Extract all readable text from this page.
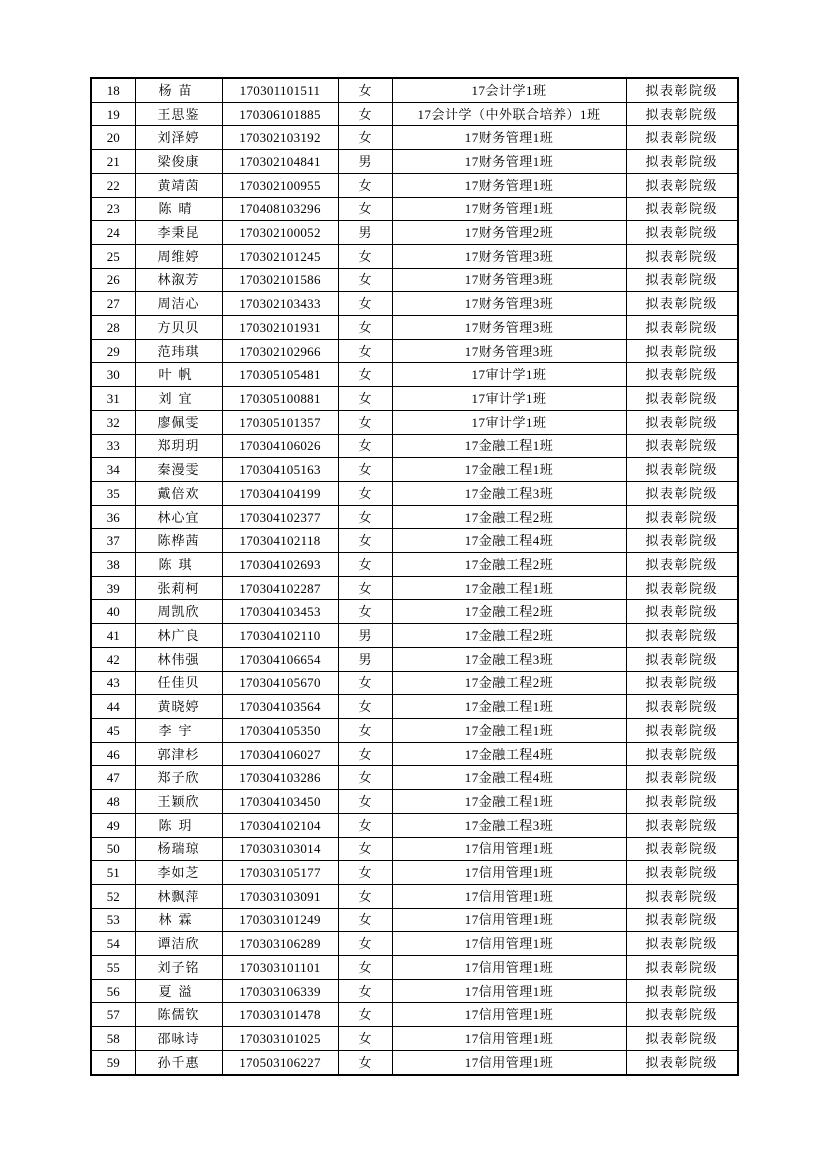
18	杨苗	170301101511	女	17会计学1班	拟表彰院级
19	王思鉴	170306101885	女	17会计学（中外联合培养）1班	拟表彰院级
20	刘泽婷	170302103192	女	17财务管理1班	拟表彰院级
21	梁俊康	170302104841	男	17财务管理1班	拟表彰院级
22	黄靖茵	170302100955	女	17财务管理1班	拟表彰院级
23	陈晴	170408103296	女	17财务管理1班	拟表彰院级
24	李秉昆	170302100052	男	17财务管理2班	拟表彰院级
25	周维婷	170302101245	女	17财务管理3班	拟表彰院级
26	林溆芳	170302101586	女	17财务管理3班	拟表彰院级
27	周洁心	170302103433	女	17财务管理3班	拟表彰院级
28	方贝贝	170302101931	女	17财务管理3班	拟表彰院级
29	范玮琪	170302102966	女	17财务管理3班	拟表彰院级
30	叶帆	170305105481	女	17审计学1班	拟表彰院级
31	刘宜	170305100881	女	17审计学1班	拟表彰院级
32	廖佩雯	170305101357	女	17审计学1班	拟表彰院级
33	郑玥玥	170304106026	女	17金融工程1班	拟表彰院级
34	秦漫雯	170304105163	女	17金融工程1班	拟表彰院级
35	戴倍欢	170304104199	女	17金融工程3班	拟表彰院级
36	林心宜	170304102377	女	17金融工程2班	拟表彰院级
37	陈桦茜	170304102118	女	17金融工程4班	拟表彰院级
38	陈琪	170304102693	女	17金融工程2班	拟表彰院级
39	张莉柯	170304102287	女	17金融工程1班	拟表彰院级
40	周凯欣	170304103453	女	17金融工程2班	拟表彰院级
41	林广良	170304102110	男	17金融工程2班	拟表彰院级
42	林伟强	170304106654	男	17金融工程3班	拟表彰院级
43	任佳贝	170304105670	女	17金融工程2班	拟表彰院级
44	黄晓婷	170304103564	女	17金融工程1班	拟表彰院级
45	李宇	170304105350	女	17金融工程1班	拟表彰院级
46	郭津杉	170304106027	女	17金融工程4班	拟表彰院级
47	郑子欣	170304103286	女	17金融工程4班	拟表彰院级
48	王颖欣	170304103450	女	17金融工程1班	拟表彰院级
49	陈玥	170304102104	女	17金融工程3班	拟表彰院级
50	杨瑞琼	170303103014	女	17信用管理1班	拟表彰院级
51	李如芝	170303105177	女	17信用管理1班	拟表彰院级
52	林飘萍	170303103091	女	17信用管理1班	拟表彰院级
53	林霖	170303101249	女	17信用管理1班	拟表彰院级
54	谭洁欣	170303106289	女	17信用管理1班	拟表彰院级
55	刘子铭	170303101101	女	17信用管理1班	拟表彰院级
56	夏溢	170303106339	女	17信用管理1班	拟表彰院级
57	陈儒钦	170303101478	女	17信用管理1班	拟表彰院级
58	邵咏诗	170303101025	女	17信用管理1班	拟表彰院级
59	孙千惠	170503106227	女	17信用管理1班	拟表彰院级
